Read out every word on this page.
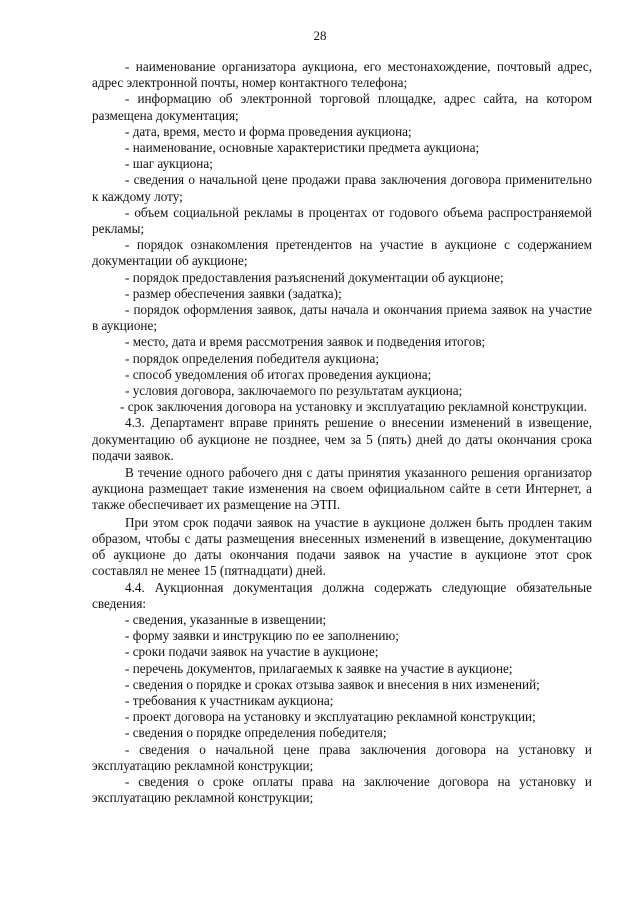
28

- наименование организатора аукциона, его местонахождение, почтовый адрес, адрес электронной почты, номер контактного телефона;

- информацию об электронной торговой площадке, адрес сайта, на котором размещена документация;

- дата, время, место и форма проведения аукциона;

- наименование, основные характеристики предмета аукциона;

- шаг аукциона;

- сведения о начальной цене продажи права заключения договора применительно к каждому лоту;

- объем социальной рекламы в процентах от годового объема распространяемой рекламы;

- порядок ознакомления претендентов на участие в аукционе с содержанием документации об аукционе;

- порядок предоставления разъяснений документации об аукционе;

- размер обеспечения заявки (задатка);

- порядок оформления заявок, даты начала и окончания приема заявок на участие в аукционе;

- место, дата и время рассмотрения заявок и подведения итогов;

- порядок определения победителя аукциона;

- способ уведомления об итогах проведения аукциона;

- условия договора, заключаемого по результатам аукциона;

- срок заключения договора на установку и эксплуатацию рекламной конструкции.

4.3. Департамент вправе принять решение о внесении изменений в извещение, документацию об аукционе не позднее, чем за 5 (пять) дней до даты окончания срока подачи заявок.

В течение одного рабочего дня с даты принятия указанного решения организатор аукциона размещает такие изменения на своем официальном сайте в сети Интернет, а также обеспечивает их размещение на ЭТП.

При этом срок подачи заявок на участие в аукционе должен быть продлен таким образом, чтобы с даты размещения внесенных изменений в извещение, документацию об аукционе до даты окончания подачи заявок на участие в аукционе этот срок составлял не менее 15 (пятнадцати) дней.

4.4. Аукционная документация должна содержать следующие обязательные сведения:

- сведения, указанные в извещении;

- форму заявки и инструкцию по ее заполнению;

- сроки подачи заявок на участие в аукционе;

- перечень документов, прилагаемых к заявке на участие в аукционе;

- сведения о порядке и сроках отзыва заявок и внесения в них изменений;

- требования к участникам аукциона;

- проект договора на установку и эксплуатацию рекламной конструкции;

- сведения о порядке определения победителя;

- сведения о начальной цене права заключения договора на установку и эксплуатацию рекламной конструкции;

- сведения о сроке оплаты права на заключение договора на установку и эксплуатацию рекламной конструкции;
